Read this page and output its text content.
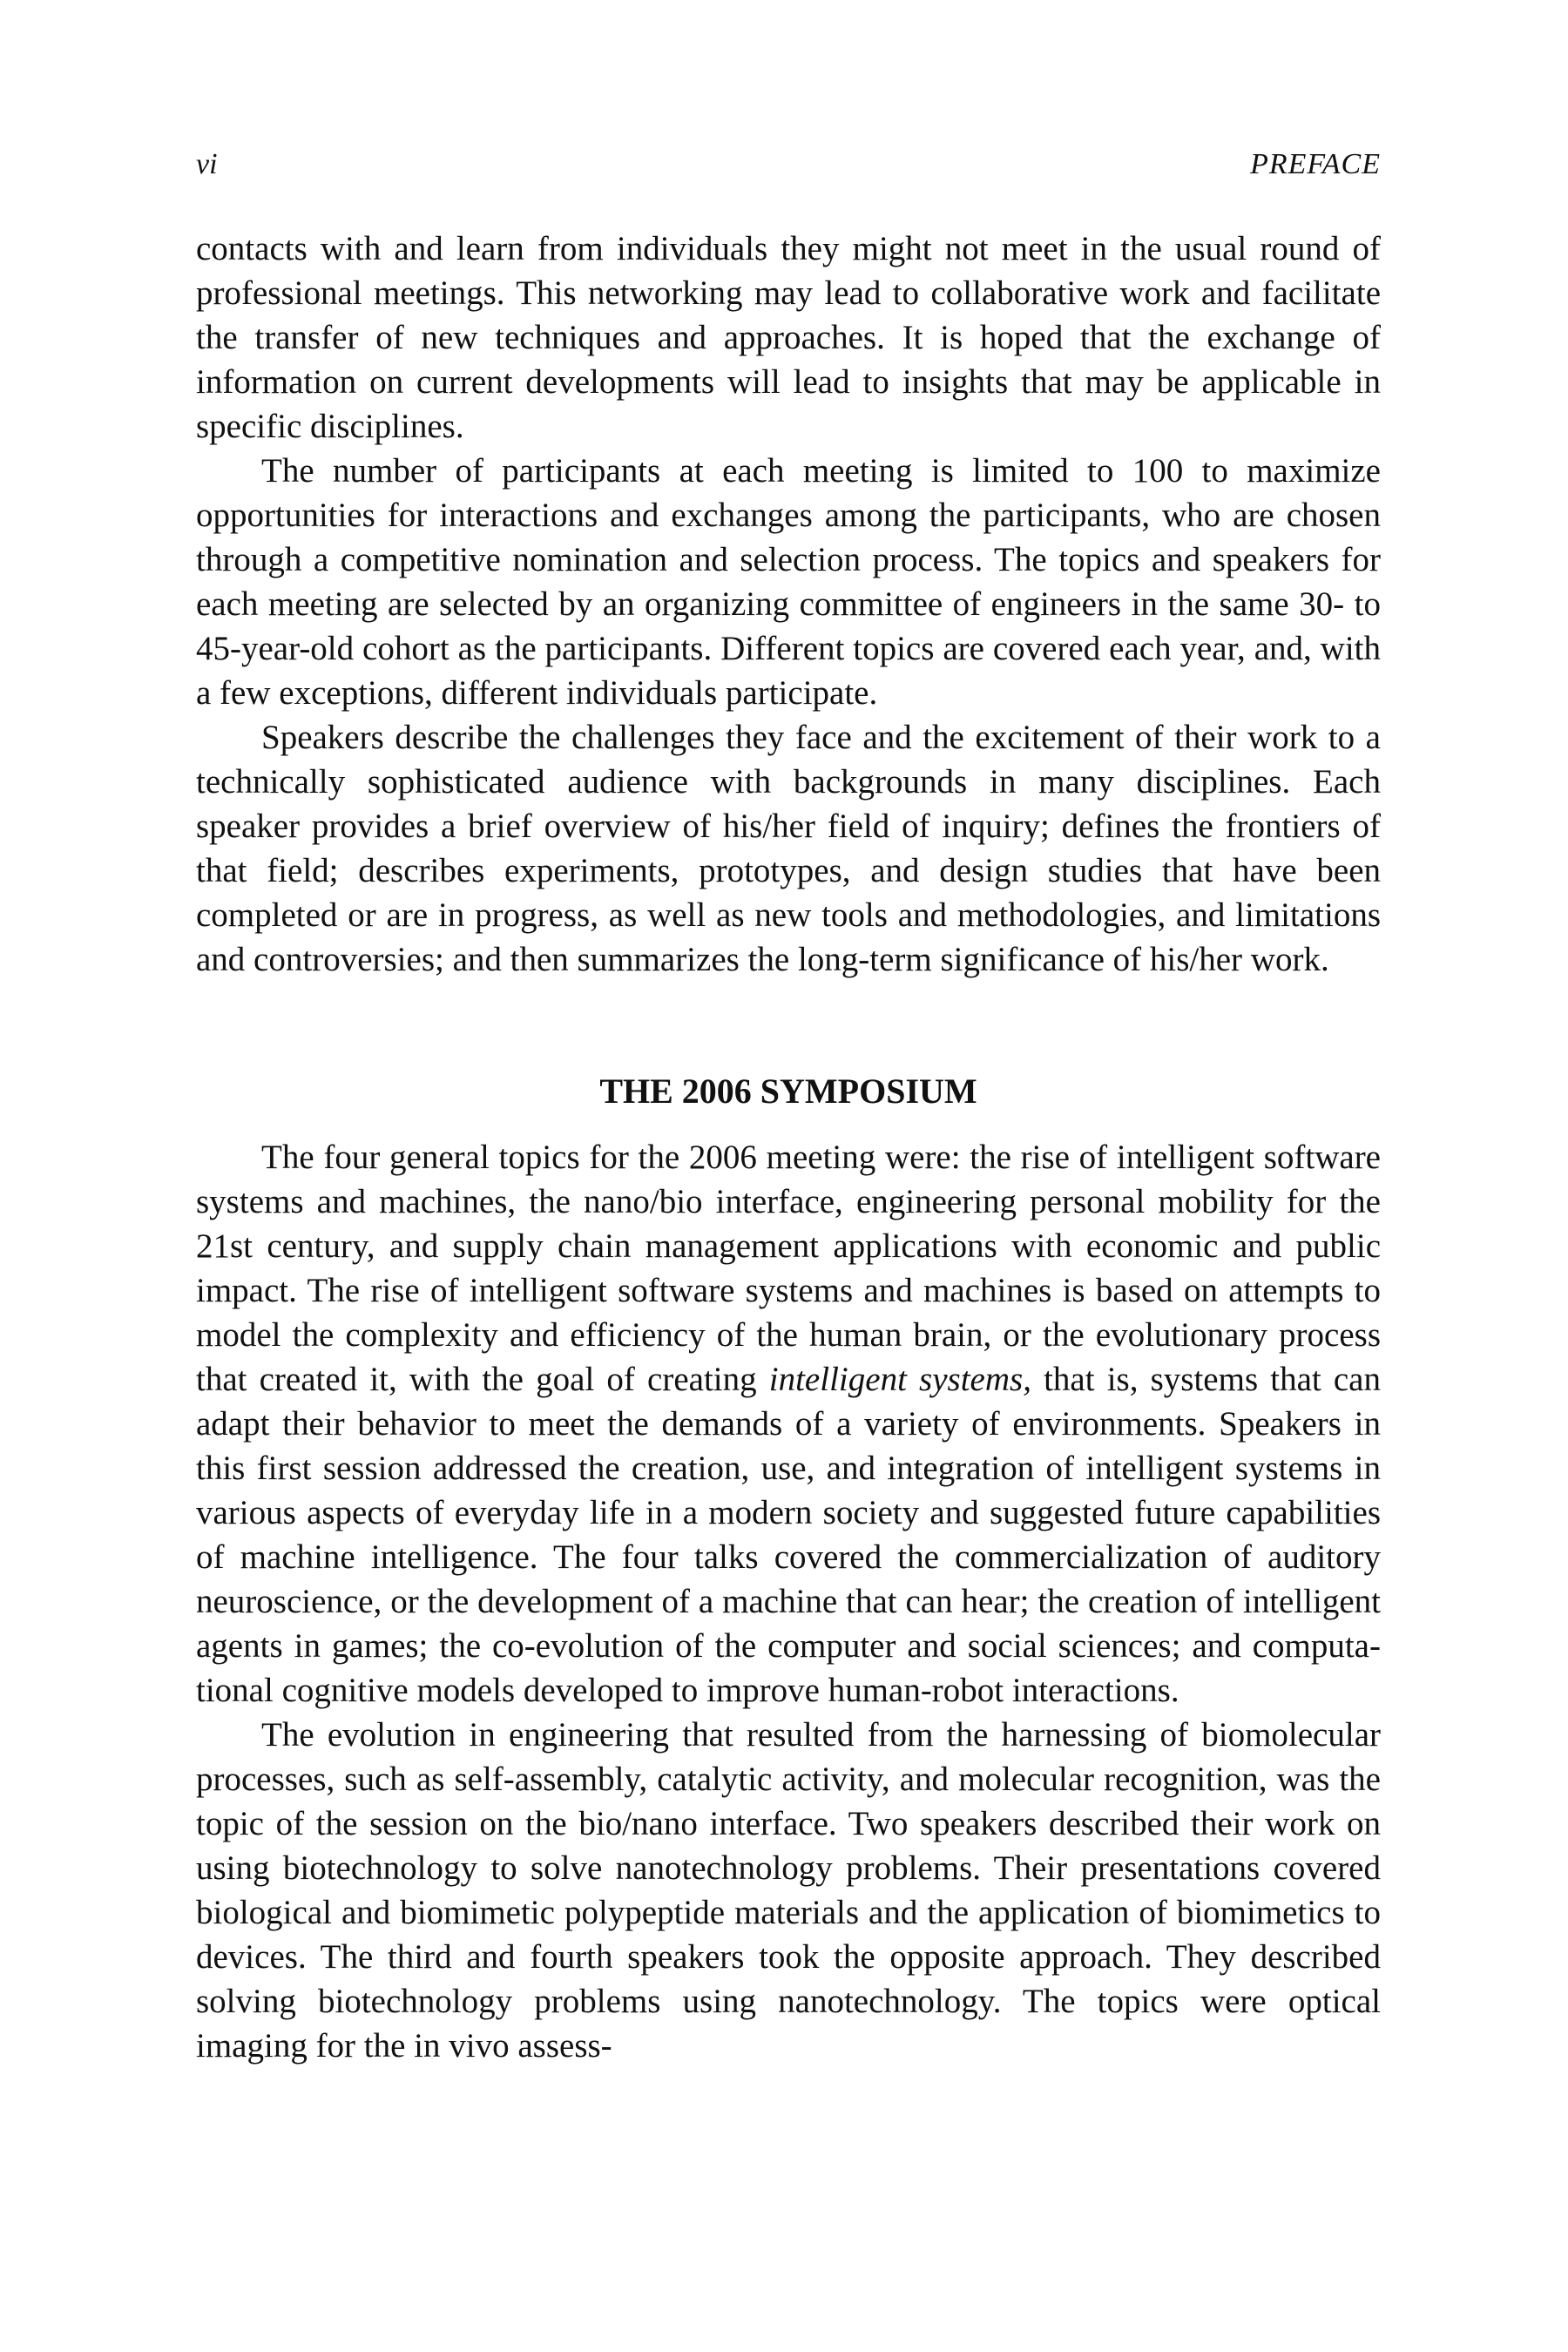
vi	PREFACE

contacts with and learn from individuals they might not meet in the usual round of professional meetings. This networking may lead to collaborative work and facilitate the transfer of new techniques and approaches. It is hoped that the exchange of information on current developments will lead to insights that may be applicable in specific disciplines.

The number of participants at each meeting is limited to 100 to maximize opportunities for interactions and exchanges among the participants, who are chosen through a competitive nomination and selection process. The topics and speakers for each meeting are selected by an organizing committee of engineers in the same 30- to 45-year-old cohort as the participants. Different topics are covered each year, and, with a few exceptions, different individuals participate.

Speakers describe the challenges they face and the excitement of their work to a technically sophisticated audience with backgrounds in many disciplines. Each speaker provides a brief overview of his/her field of inquiry; defines the frontiers of that field; describes experiments, prototypes, and design studies that have been completed or are in progress, as well as new tools and methodologies, and limitations and controversies; and then summarizes the long-term significance of his/her work.

THE 2006 SYMPOSIUM

The four general topics for the 2006 meeting were: the rise of intelligent software systems and machines, the nano/bio interface, engineering personal mobility for the 21st century, and supply chain management applications with economic and public impact. The rise of intelligent software systems and machines is based on attempts to model the complexity and efficiency of the human brain, or the evolutionary process that created it, with the goal of creating intelligent systems, that is, systems that can adapt their behavior to meet the demands of a variety of environments. Speakers in this first session addressed the creation, use, and integration of intelligent systems in various aspects of everyday life in a modern society and suggested future capabilities of machine intelligence. The four talks covered the commercialization of auditory neuroscience, or the development of a machine that can hear; the creation of intelligent agents in games; the co-evolution of the computer and social sciences; and computational cognitive models developed to improve human-robot interactions.

The evolution in engineering that resulted from the harnessing of biomolecular processes, such as self-assembly, catalytic activity, and molecular recognition, was the topic of the session on the bio/nano interface. Two speakers described their work on using biotechnology to solve nanotechnology problems. Their presentations covered biological and biomimetic polypeptide materials and the application of biomimetics to devices. The third and fourth speakers took the opposite approach. They described solving biotechnology problems using nanotechnology. The topics were optical imaging for the in vivo assess-
